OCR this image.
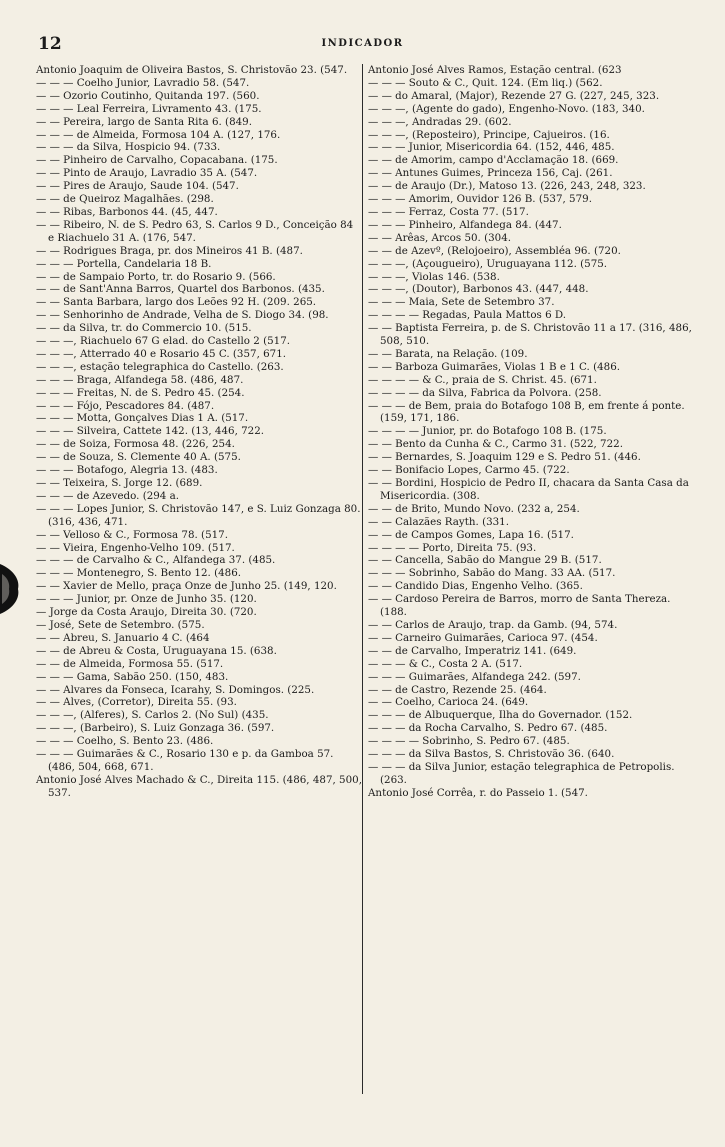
12	INDICADOR
Antonio Joaquim de Oliveira Bastos, S. Christovão 23. (547.
— — — Coelho Junior, Lavradio 58. (547.
— — Ozorio Coutinho, Quitanda 197. (560.
— — — Leal Ferreira, Livramento 43. (175.
— — Pereira, largo de Santa Rita 6. (849.
— — — de Almeida, Formosa 104 A. (127, 176.
— — — da Silva, Hospicio 94. (733.
— — Pinheiro de Carvalho, Copacabana. (175.
— — Pinto de Araujo, Lavradio 35 A. (547.
— — Pires de Araujo, Saude 104. (547.
— — de Queiroz Magalhães. (298.
— — Ribas, Barbonos 44. (45, 447.
— — Ribeiro, N. de S. Pedro 63, S. Carlos 9 D., Conceição 84 e Riachuelo 31 A. (176, 547.
— — Rodrigues Braga, pr. dos Mineiros 41 B. (487.
— — — Portella, Candelaria 18 B.
— — de Sampaio Porto, tr. do Rosario 9. (566.
— — de Sant'Anna Barros, Quartel dos Barbonos. (435.
— — Santa Barbara, largo dos Leões 92 H. (209. 265.
— — Senhorinho de Andrade, Velha de S. Diogo 34. (98.
— — da Silva, tr. do Commercio 10. (515.
— — —, Riachuelo 67 G elad. do Castello 2 (517.
— — —, Atterrado 40 e Rosario 45 C. (357, 671.
— — —, estação telegraphica do Castello. (263.
— — — Braga, Alfandega 58. (486, 487.
— — — Freitas, N. de S. Pedro 45. (254.
— — — Fójo, Pescadores 84. (487.
— — — Motta, Gonçalves Dias 1 A. (517.
— — — Silveira, Cattete 142. (13, 446, 722.
— — de Soiza, Formosa 48. (226, 254.
— — de Souza, S. Clemente 40 A. (575.
— — — Botafogo, Alegria 13. (483.
— — Teixeira, S. Jorge 12. (689.
— — — de Azevedo. (294 a.
— — — Lopes Junior, S. Christovão 147, e S. Luiz Gonzaga 80. (316, 436, 471.
— — Velloso & C., Formosa 78. (517.
— — Vieira, Engenho-Velho 109. (517.
— — — de Carvalho & C., Alfandega 37. (485.
— — — Montenegro, S. Bento 12. (486.
— — Xavier de Mello, praça Onze de Junho 25. (149, 120.
— — — Junior, pr. Onze de Junho 35. (120.
— Jorge da Costa Araujo, Direita 30. (720.
— José, Sete de Setembro. (575.
— — Abreu, S. Januario 4 C. (464
— — de Abreu & Costa, Uruguayana 15. (638.
— — de Almeida, Formosa 55. (517.
— — — Gama, Sabão 250. (150, 483.
— — Alvares da Fonseca, Icarahy, S. Domingos. (225.
— — Alves, (Corretor), Direita 55. (93.
— — —, (Alferes), S. Carlos 2. (No Sul) (435.
— — —, (Barbeiro), S. Luiz Gonzaga 36. (597.
— — — Coelho, S. Bento 23. (486.
— — — Guimarães & C., Rosario 130 e p. da Gamboa 57. (486, 504, 668, 671.
Antonio José Alves Machado & C., Direita 115. (486, 487, 500, 537.
Antonio José Alves Ramos, Estação central. (623
— — — Souto & C., Quit. 124. (Em liq.) (562.
— — do Amaral, (Major), Rezende 27 G. (227, 245, 323.
— — —, (Agente do gado), Engenho-Novo. (183, 340.
— — —, Andradas 29. (602.
— — —, (Reposteiro), Principe, Cajueiros. (16.
— — — Junior, Misericordia 64. (152, 446, 485.
— — de Amorim, campo d'Acclamação 18. (669.
— — Antunes Guimes, Princeza 156, Caj. (261.
— — de Araujo (Dr.), Matoso 13. (226, 243, 248, 323.
— — — Amorim, Ouvidor 126 B. (537, 579.
— — — Ferraz, Costa 77. (517.
— — — Pinheiro, Alfandega 84. (447.
— — Arêas, Arcos 50. (304.
— — de Azevº, (Relojoeiro), Assembléa 96. (720.
— — —, (Açougueiro), Uruguayana 112. (575.
— — —, Violas 146. (538.
— — —, (Doutor), Barbonos 43. (447, 448.
— — — Maia, Sete de Setembro 37.
— — — — Regadas, Paula Mattos 6 D.
— — Baptista Ferreira, p. de S. Christovão 11 a 17. (316, 486, 508, 510.
— — Barata, na Relação. (109.
— — Barboza Guimarães, Violas 1 B e 1 C. (486.
— — — — & C., praia de S. Christ. 45. (671.
— — — — da Silva, Fabrica da Polvora. (258.
— — — de Bem, praia do Botafogo 108 B, em frente á ponte. (159, 171, 186.
— — — — Junior, pr. do Botafogo 108 B. (175.
— — Bento da Cunha & C., Carmo 31. (522, 722.
— — Bernardes, S. Joaquim 129 e S. Pedro 51. (446.
— — Bonifacio Lopes, Carmo 45. (722.
— — Bordini, Hospicio de Pedro II, chacara da Santa Casa da Misericordia. (308.
— — de Brito, Mundo Novo. (232 a, 254.
— — Calazães Rayth. (331.
— — de Campos Gomes, Lapa 16. (517.
— — — — Porto, Direita 75. (93.
— — Cancella, Sabão do Mangue 29 B. (517.
— — — Sobrinho, Sabão do Mang. 33 AA. (517.
— — Candido Dias, Engenho Velho. (365.
— — Cardoso Pereira de Barros, morro de Santa Thereza. (188.
— — Carlos de Araujo, trap. da Gamb. (94, 574.
— — Carneiro Guimarães, Carioca 97. (454.
— — de Carvalho, Imperatriz 141. (649.
— — — & C., Costa 2 A. (517.
— — — Guimarães, Alfandega 242. (597.
— — de Castro, Rezende 25. (464.
— — Coelho, Carioca 24. (649.
— — — de Albuquerque, Ilha do Governador. (152.
— — — da Rocha Carvalho, S. Pedro 67. (485.
— — — — Sobrinho, S. Pedro 67. (485.
— — — da Silva Bastos, S. Christovão 36. (640.
— — — da Silva Junior, estação telegraphica de Petropolis. (263.
Antonio José Corrêa, r. do Passeio 1. (547.
